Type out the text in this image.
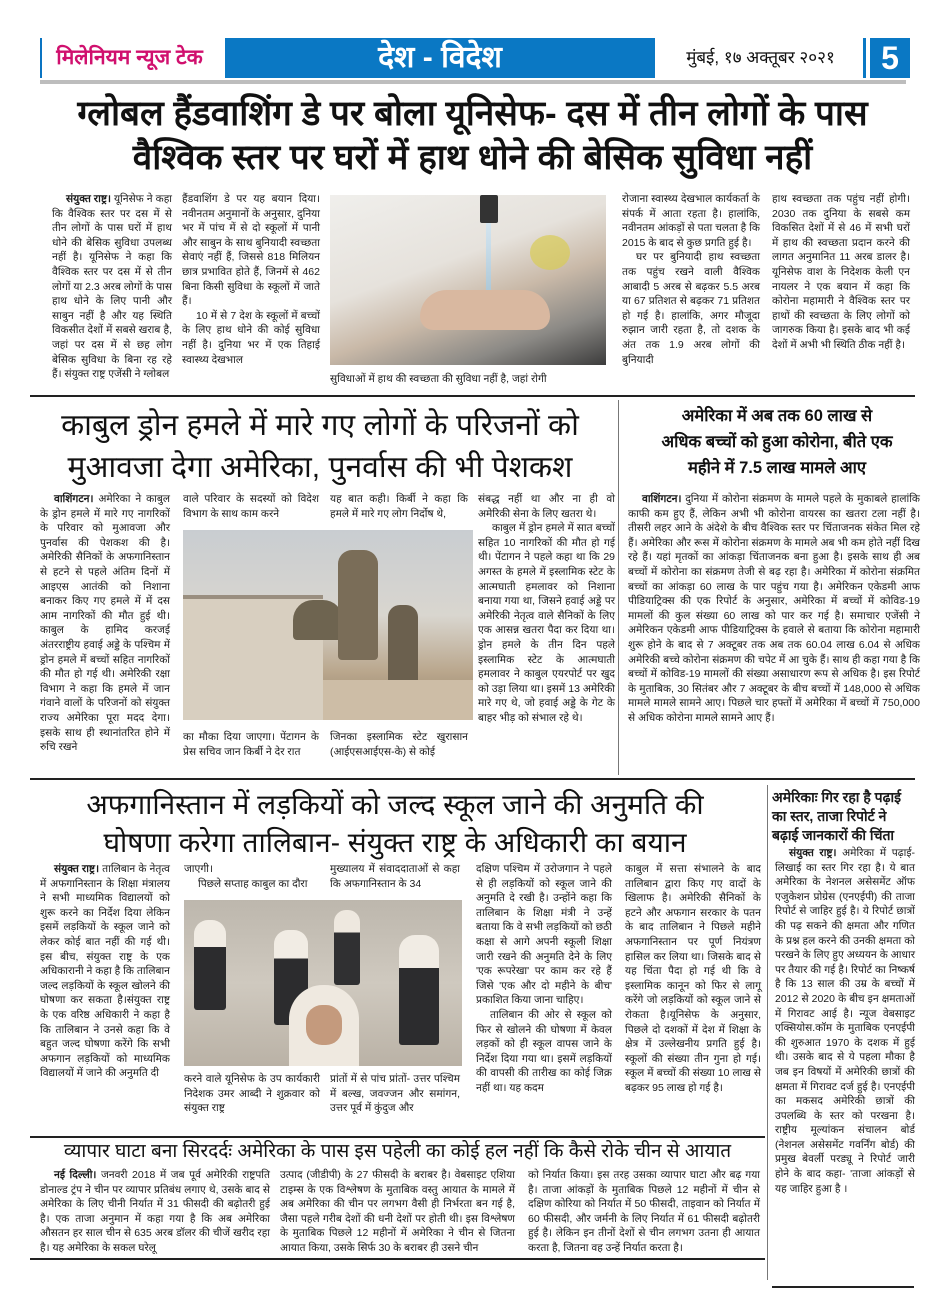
मिलेनियम न्यूज टेक	देश - विदेश	मुंबई, १७ अक्तूबर २०२१	5
ग्लोबल हैंडवाशिंग डे पर बोला यूनिसेफ- दस में तीन लोगों के पास
वैश्विक स्तर पर घरों में हाथ धोने की बेसिक सुविधा नहीं

संयुक्त राष्ट्र। यूनिसेफ ने कहा कि वैश्विक स्तर पर दस में से तीन लोगों के पास घरों में हाथ धोने की बेसिक सुविधा उपलब्ध नहीं है। यूनिसेफ ने कहा कि वैश्विक स्तर पर दस में से तीन लोगों या 2.3 अरब लोगों के पास हाथ धोने के लिए पानी और साबुन नहीं है और यह स्थिति विकसीत देशों में सबसे खराब है, जहां पर दस में से छह लोग बेसिक सुविधा के बिना रह रहे हैं। संयुक्त राष्ट्र एजेंसी ने ग्लोबल

हैंडवाशिंग डे पर यह बयान दिया। नवीनतम अनुमानों के अनुसार, दुनिया भर में पांच में से दो स्कूलों में पानी और साबुन के साथ बुनियादी स्वच्छता सेवाएं नहीं हैं, जिससे 818 मिलियन छात्र प्रभावित होते हैं, जिनमें से 462 बिना किसी सुविधा के स्कूलों में जाते हैं।

10 में से 7 देश के स्कूलों में बच्चों के लिए हाथ धोने की कोई सुविधा नहीं है। दुनिया भर में एक तिहाई स्वास्थ्य देखभाल

सुविधाओं में हाथ की स्वच्छता की सुविधा नहीं है, जहां रोगी

रोजाना स्वास्थ्य देखभाल कार्यकर्ता के संपर्क में आता रहता है। हालांकि, नवीनतम आंकड़ों से पता चलता है कि 2015 के बाद से कुछ प्रगति हुई है।

घर पर बुनियादी हाथ स्वच्छता तक पहुंच रखने वाली वैश्विक आबादी 5 अरब से बढ़कर 5.5 अरब या 67 प्रतिशत से बढ़कर 71 प्रतिशत हो गई है। हालांकि, अगर मौजूदा रुझान जारी रहता है, तो दशक के अंत तक 1.9 अरब लोगों की बुनियादी

हाथ स्वच्छता तक पहुंच नहीं होगी। 2030 तक दुनिया के सबसे कम विकसित देशों में से 46 में सभी घरों में हाथ की स्वच्छता प्रदान करने की लागत अनुमानित 11 अरब डालर है। यूनिसेफ वाश के निदेशक केली एन नायलर ने एक बयान में कहा कि कोरोना महामारी ने वैश्विक स्तर पर हाथों की स्वच्छता के लिए लोगों को जागरुक किया है। इसके बाद भी कई देशों में अभी भी स्थिति ठीक नहीं है।
काबुल ड्रोन हमले में मारे गए लोगों के परिजनों को
मुआवजा देगा अमेरिका, पुनर्वास की भी पेशकश

वाशिंगटन। अमेरिका ने काबुल के ड्रोन हमले में मारे गए नागरिकों के परिवार को मुआवजा और पुनर्वास की पेशकश की है। अमेरिकी सैनिकों के अफगानिस्तान से हटने से पहले अंतिम दिनों में आइएस आतंकी को निशाना बनाकर किए गए हमले में में दस आम नागरिकों की मौत हुई थी। काबुल के हामिद करजई अंतरराष्ट्रीय हवाई अड्डे के पश्चिम में ड्रोन हमले में बच्चों सहित नागरिकों की मौत हो गई थी। अमेरिकी रक्षा विभाग ने कहा कि हमले में जान गंवाने वालों के परिजनों को संयुक्त राज्य अमेरिका पूरा मदद देगा। इसके साथ ही स्थानांतरित होने में रुचि रखने

वाले परिवार के सदस्यों को विदेश विभाग के साथ काम करने
यह बात कही। किर्बी ने कहा कि हमले में मारे गए लोग निर्दोष थे,
का मौका दिया जाएगा। पेंटागन के प्रेस सचिव जान किर्बी ने देर रात
जिनका इस्लामिक स्टेट खुरासान (आईएसआईएस-के) से कोई

संबद्ध नहीं था और ना ही वो अमेरिकी सेना के लिए खतरा थे।

काबुल में ड्रोन हमले में सात बच्चों सहित 10 नागरिकों की मौत हो गई थी। पेंटागन ने पहले कहा था कि 29 अगस्त के हमले में इस्लामिक स्टेट के आत्मघाती हमलावर को निशाना बनाया गया था, जिसने हवाई अड्डे पर अमेरिकी नेतृत्व वाले सैनिकों के लिए एक आसन्न खतरा पैदा कर दिया था। ड्रोन हमले के तीन दिन पहले इस्लामिक स्टेट के आत्मघाती हमलावर ने काबुल एयरपोर्ट पर खुद को उड़ा लिया था। इसमें 13 अमेरिकी मारे गए थे, जो हवाई अड्डे के गेट के बाहर भीड़ को संभाल रहे थे।

अमेरिका में अब तक 60 लाख से
अधिक बच्चों को हुआ कोरोना, बीते एक
महीने में 7.5 लाख मामले आए

वाशिंगटन। दुनिया में कोरोना संक्रमण के मामले पहले के मुकाबले हालांकि काफी कम हुए हैं, लेकिन अभी भी कोरोना वायरस का खतरा टला नहीं है। तीसरी लहर आने के अंदेशे के बीच वैश्विक स्तर पर चिंताजनक संकेत मिल रहे हैं। अमेरिका और रूस में कोरोना संक्रमण के मामले अब भी कम होते नहीं दिख रहे हैं। यहां मृतकों का आंकड़ा चिंताजनक बना हुआ है। इसके साथ ही अब बच्चों में कोरोना का संक्रमण तेजी से बढ़ रहा है। अमेरिका में कोरोना संक्रमित बच्चों का आंकड़ा 60 लाख के पार पहुंच गया है। अमेरिकन एकेडमी आफ पीडियाट्रिक्स की एक रिपोर्ट के अनुसार, अमेरिका में बच्चों में कोविड-19 मामलों की कुल संख्या 60 लाख को पार कर गई है। समाचार एजेंसी ने अमेरिकन एकेडमी आफ पीडियाट्रिक्स के हवाले से बताया कि कोरोना महामारी शुरू होने के बाद से 7 अक्टूबर तक अब तक 60.04 लाख 6.04 से अधिक अमेरिकी बच्चे कोरोना संक्रमण की चपेट में आ चुके हैं। साथ ही कहा गया है कि बच्चों में कोविड-19 मामलों की संख्या असाधारण रूप से अधिक है। इस रिपोर्ट के मुताबिक, 30 सितंबर और 7 अक्टूबर के बीच बच्चों में 148,000 से अधिक मामले मामले सामने आए। पिछले चार हफ्तों में अमेरिका में बच्चों में 750,000 से अधिक कोरोना मामले सामने आए हैं।

अफगानिस्तान में लड़कियों को जल्द स्कूल जाने की अनुमति की
घोषणा करेगा तालिबान- संयुक्त राष्ट्र के अधिकारी का बयान

संयुक्त राष्ट्र। तालिबान के नेतृत्व में अफगानिस्तान के शिक्षा मंत्रालय ने सभी माध्यमिक विद्यालयों को शुरू करने का निर्देश दिया लेकिन इसमें लड़कियों के स्कूल जाने को लेकर कोई बात नहीं की गई थी। इस बीच, संयुक्त राष्ट्र के एक अधिकारानी ने कहा है कि तालिबान जल्द लड़कियों के स्कूल खोलने की घोषणा कर सकता है।संयुक्त राष्ट्र के एक वरिष्ठ अधिकारी ने कहा है कि तालिबान ने उनसे कहा कि वे बहुत जल्द घोषणा करेंगे कि सभी अफगान लड़कियों को माध्यमिक विद्यालयों में जाने की अनुमति दी

जाएगी।

पिछले सप्ताह काबुल का दौरा

मुख्यालय में संवाददाताओं से कहा कि अफगानिस्तान के 34
करने वाले यूनिसेफ के उप कार्यकारी निदेशक उमर आब्दी ने शुक्रवार को संयुक्त राष्ट्र
प्रांतों में से पांच प्रांतों- उत्तर पश्चिम में बल्ख, जवज्जन और समांगन, उत्तर पूर्व में कुंदुज और

दक्षिण पश्चिम में उरोजगान ने पहले से ही लड़कियों को स्कूल जाने की अनुमति दे रखी है। उन्होंने कहा कि तालिबान के शिक्षा मंत्री ने उन्हें बताया कि वे सभी लड़कियों को छठी कक्षा से आगे अपनी स्कूली शिक्षा जारी रखने की अनुमति देने के लिए 'एक रूपरेखा' पर काम कर रहे हैं जिसे 'एक और दो महीने के बीच' प्रकाशित किया जाना चाहिए।

तालिबान की ओर से स्कूल को फिर से खोलने की घोषणा में केवल लड़कों को ही स्कूल वापस जाने के निर्देश दिया गया था। इसमें लड़कियों की वापसी की तारीख का कोई जिक्र नहीं था। यह कदम

काबुल में सत्ता संभालने के बाद तालिबान द्वारा किए गए वादों के खिलाफ है। अमेरिकी सैनिकों के हटने और अफगान सरकार के पतन के बाद तालिबान ने पिछले महीने अफगानिस्तान पर पूर्ण नियंत्रण हासिल कर लिया था। जिसके बाद से यह चिंता पैदा हो गई थी कि वे इस्लामिक कानून को फिर से लागू करेंगे जो लड़कियों को स्कूल जाने से रोकता है।यूनिसेफ के अनुसार, पिछले दो दशकों में देश में शिक्षा के क्षेत्र में उल्लेखनीय प्रगति हुई है। स्कूलों की संख्या तीन गुना हो गई। स्कूल में बच्चों की संख्या 10 लाख से बढ़कर 95 लाख हो गई है।
अमेरिकाः गिर रहा है पढ़ाई
का स्तर, ताजा रिपोर्ट ने
बढ़ाई जानकारों की चिंता

संयुक्त राष्ट्र। अमेरिका में पढ़ाई-लिखाई का स्तर गिर रहा है। ये बात अमेरिका के नेशनल असेसमेंट ऑफ एजुकेशन प्रोग्रेस (एनएईपी) की ताजा रिपोर्ट से जाहिर हुई है। ये रिपोर्ट छात्रों की पढ़ सकने की क्षमता और गणित के प्रश्न हल करने की उनकी क्षमता को परखने के लिए हुए अध्ययन के आधार पर तैयार की गई है। रिपोर्ट का निष्कर्ष है कि 13 साल की उम्र के बच्चों में 2012 से 2020 के बीच इन क्षमताओं में गिरावट आई है। न्यूज वेबसाइट एक्सियोस.कॉम के मुताबिक एनएईपी की शुरुआत 1970 के दशक में हुई थी। उसके बाद से ये पहला मौका है जब इन विषयों में अमेरिकी छात्रों की क्षमता में गिरावट दर्ज हुई है। एनएईपी का मकसद अमेरिकी छात्रों की उपलब्धि के स्तर को परखना है। राष्ट्रीय मूल्यांकन संचालन बोर्ड (नेशनल असेसमेंट गवर्निंग बोर्ड) की प्रमुख बेवर्ली परड्यू ने रिपोर्ट जारी होने के बाद कहा- 'ताजा आंकड़ों से यह जाहिर हुआ है ।

व्यापार घाटा बना सिरदर्दः अमेरिका के पास इस पहेली का कोई हल नहीं कि कैसे रोके चीन से आयात

नई दिल्ली। जनवरी 2018 में जब पूर्व अमेरिकी राष्ट्रपति डोनाल्ड ट्रंप ने चीन पर व्यापार प्रतिबंध लगाए थे, उसके बाद से अमेरिका के लिए चीनी निर्यात में 31 फीसदी की बढ़ोतरी हुई है। एक ताजा अनुमान में कहा गया है कि अब अमेरिका औसतन हर साल चीन से 635 अरब डॉलर की चीजें खरीद रहा है। यह अमेरिका के सकल घरेलू

उत्पाद (जीडीपी) के 27 फीसदी के बराबर है। वेबसाइट एशिया टाइम्स के एक विश्लेषण के मुताबिक वस्तु आयात के मामले में अब अमेरिका की चीन पर लगभग वैसी ही निर्भरता बन गई है, जैसा पहले गरीब देशों की धनी देशों पर होती थी। इस विश्लेषण के मुताबिक पिछले 12 महीनों में अमेरिका ने चीन से जितना आयात किया, उसके सिर्फ 30 के बराबर ही उसने चीन
को निर्यात किया। इस तरह उसका व्यापार घाटा और बढ़ गया है। ताजा आंकड़ों के मुताबिक पिछले 12 महीनों में चीन से दक्षिण कोरिया को निर्यात में 50 फीसदी, ताइवान को निर्यात में 60 फीसदी, और जर्मनी के लिए निर्यात में 61 फीसदी बढ़ोतरी हुई है। लेकिन इन तीनों देशों से चीन लगभग उतना ही आयात करता है, जितना वह उन्हें निर्यात करता है।
